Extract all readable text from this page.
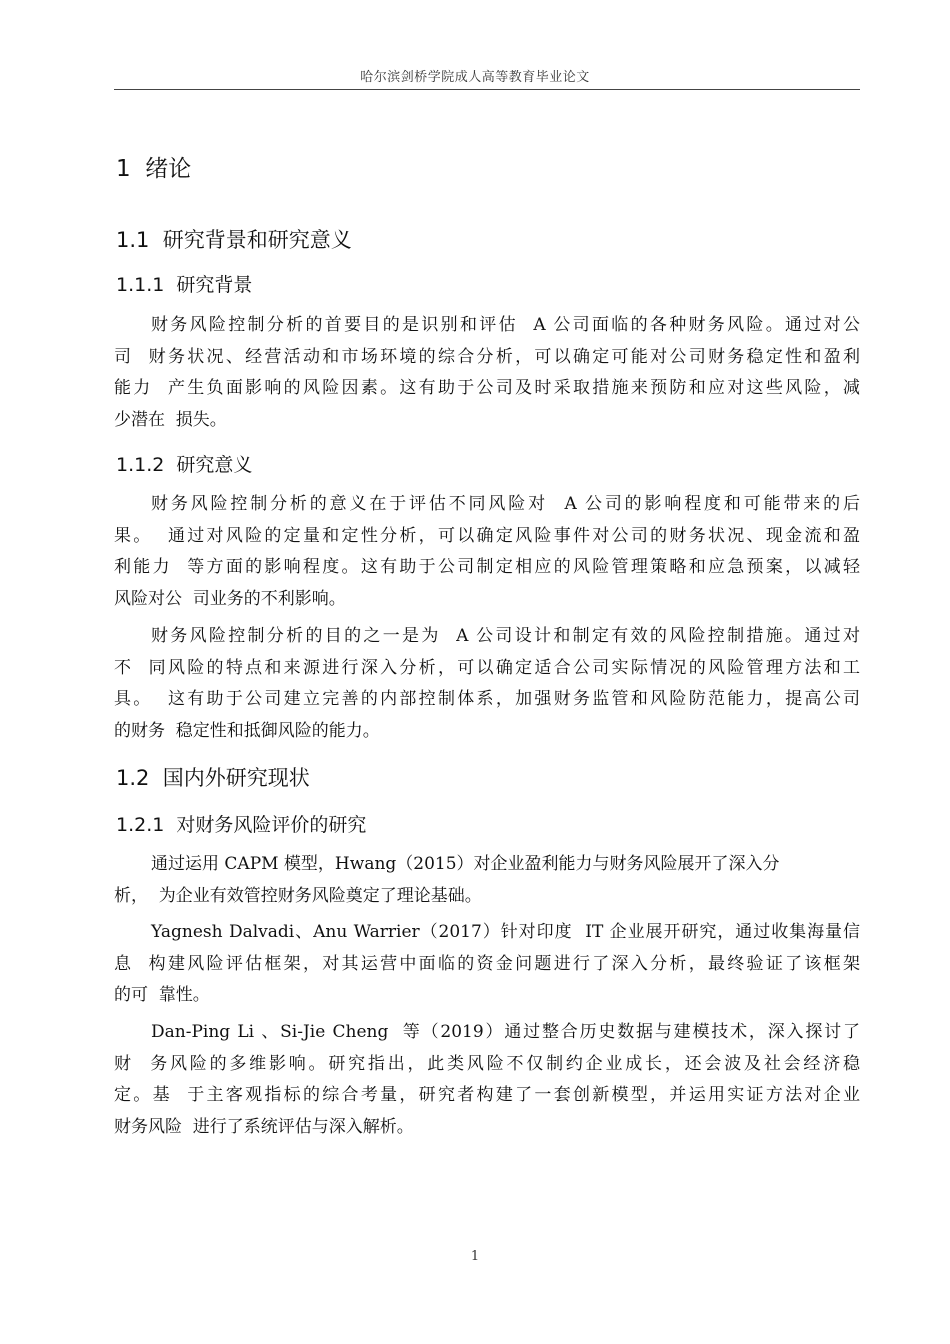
哈尔滨剑桥学院成人高等教育毕业论文
1  绪论
1.1  研究背景和研究意义
1.1.1  研究背景
财务风险控制分析的首要目的是识别和评估  A 公司面临的各种财务风险。通过对公
司  财务状况、经营活动和市场环境的综合分析，可以确定可能对公司财务稳定性和盈利
能力  产生负面影响的风险因素。这有助于公司及时采取措施来预防和应对这些风险，减
少潜在  损失。
1.1.2  研究意义
财务风险控制分析的意义在于评估不同风险对  A 公司的影响程度和可能带来的后
果。  通过对风险的定量和定性分析，可以确定风险事件对公司的财务状况、现金流和盈
利能力  等方面的影响程度。这有助于公司制定相应的风险管理策略和应急预案，以减轻
风险对公  司业务的不利影响。
财务风险控制分析的目的之一是为  A 公司设计和制定有效的风险控制措施。通过对
不  同风险的特点和来源进行深入分析，可以确定适合公司实际情况的风险管理方法和工
具。  这有助于公司建立完善的内部控制体系，加强财务监管和风险防范能力，提高公司
的财务  稳定性和抵御风险的能力。
1.2  国内外研究现状
1.2.1  对财务风险评价的研究
通过运用 CAPM 模型，Hwang（2015）对企业盈利能力与财务风险展开了深入分
析，  为企业有效管控财务风险奠定了理论基础。
Yagnesh Dalvadi、Anu Warrier（2017）针对印度  IT 企业展开研究，通过收集海量信
息  构建风险评估框架，对其运营中面临的资金问题进行了深入分析，最终验证了该框架
的可  靠性。
Dan-Ping Li 、Si-Jie Cheng  等（2019）通过整合历史数据与建模技术，深入探讨了
财  务风险的多维影响。研究指出，此类风险不仅制约企业成长，还会波及社会经济稳
定。基  于主客观指标的综合考量，研究者构建了一套创新模型，并运用实证方法对企业
财务风险  进行了系统评估与深入解析。
1
